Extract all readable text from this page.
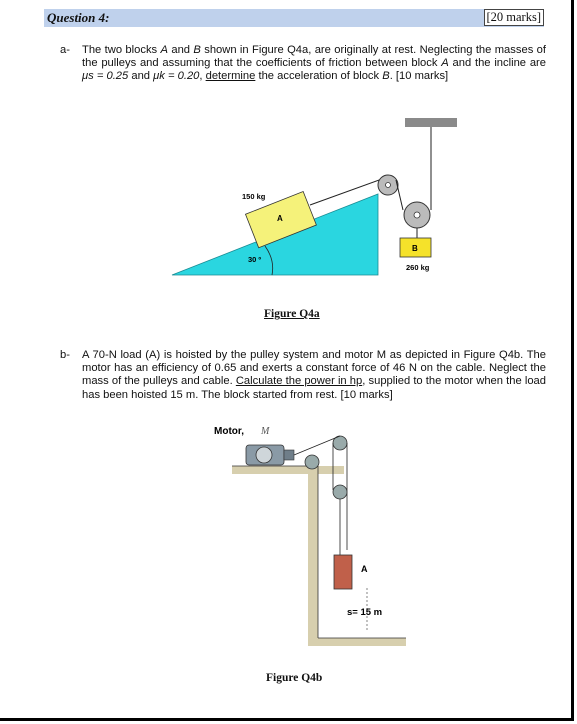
Question 4:	[20 marks]
a- The two blocks A and B shown in Figure Q4a, are originally at rest. Neglecting the masses of the pulleys and assuming that the coefficients of friction between block A and the incline are μs = 0.25 and μk = 0.20, determine the acceleration of block B. [10 marks]
A
150 kg
30 º
B
260 kg
Figure Q4a
b- A 70-N load (A) is hoisted by the pulley system and motor M as depicted in Figure Q4b. The motor has an efficiency of 0.65 and exerts a constant force of 46 N on the cable. Neglect the mass of the pulleys and cable. Calculate the power in hp, supplied to the motor when the load has been hoisted 15 m. The block started from rest. [10 marks]
Motor, M
A
s= 15 m
Figure Q4b
